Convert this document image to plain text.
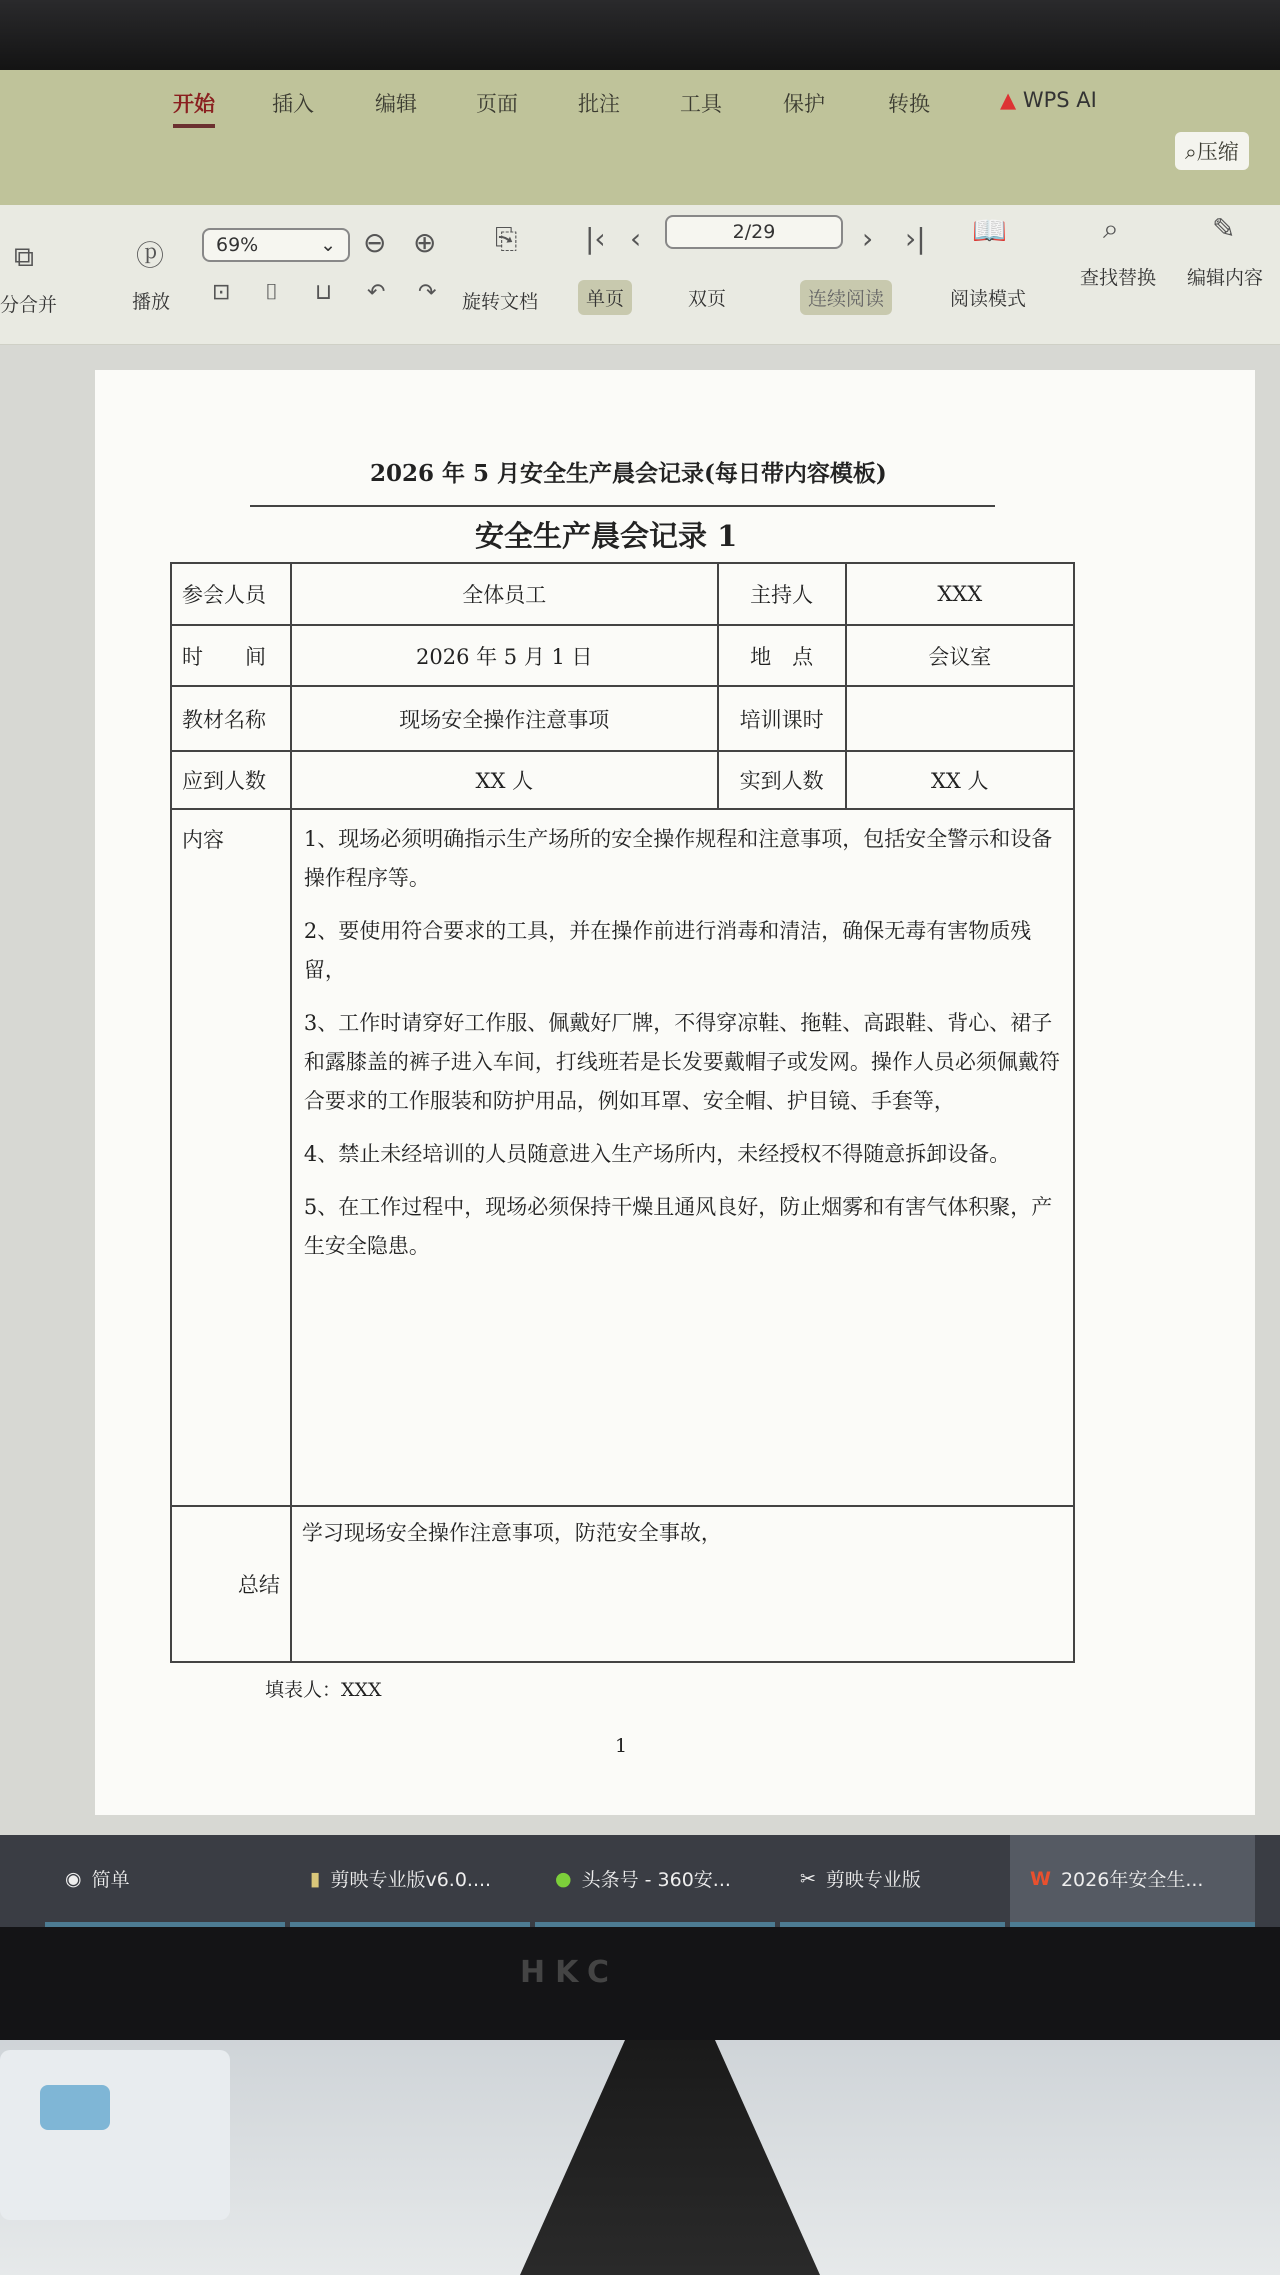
开始	插入	编辑	页面	批注	工具	保护	转换	▲ WPS AI
⌕压缩
⧉
分合并
ⓟ
播放
69%	⌄ ⊖ ⊕ ⎘
⊡ ⌷ ⊔ ↶ ↷ 旋转文档	单页	双页	连续阅读	阅读模式
|‹ ‹	2/29	› ›| 📖	⌕
查找替换
✎
编辑内容
2026 年 5 月安全生产晨会记录(每日带内容模板)
安全生产晨会记录 1
参会人员	全体员工	主持人	XXX
时　　间	2026 年 5 月 1 日	地　点	会议室
教材名称	现场安全操作注意事项	培训课时	
应到人数	XX 人	实到人数	XX 人
内容	1、现场必须明确指示生产场所的安全操作规程和注意事项，包括安全警示和设备操作程序等。

2、要使用符合要求的工具，并在操作前进行消毒和清洁，确保无毒有害物质残留，

3、工作时请穿好工作服、佩戴好厂牌，不得穿凉鞋、拖鞋、高跟鞋、背心、裙子和露膝盖的裤子进入车间，打线班若是长发要戴帽子或发网。操作人员必须佩戴符合要求的工作服装和防护用品，例如耳罩、安全帽、护目镜、手套等，

4、禁止未经培训的人员随意进入生产场所内，未经授权不得随意拆卸设备。

5、在工作过程中，现场必须保持干燥且通风良好，防止烟雾和有害气体积聚，产生安全隐患。		

总结	学习现场安全操作注意事项，防范安全事故，		
填表人：XXX
1
◉ 简单	▮ 剪映专业版v6.0....	● 头条号 - 360安...	✂ 剪映专业版	W 2026年安全生...
HKC
